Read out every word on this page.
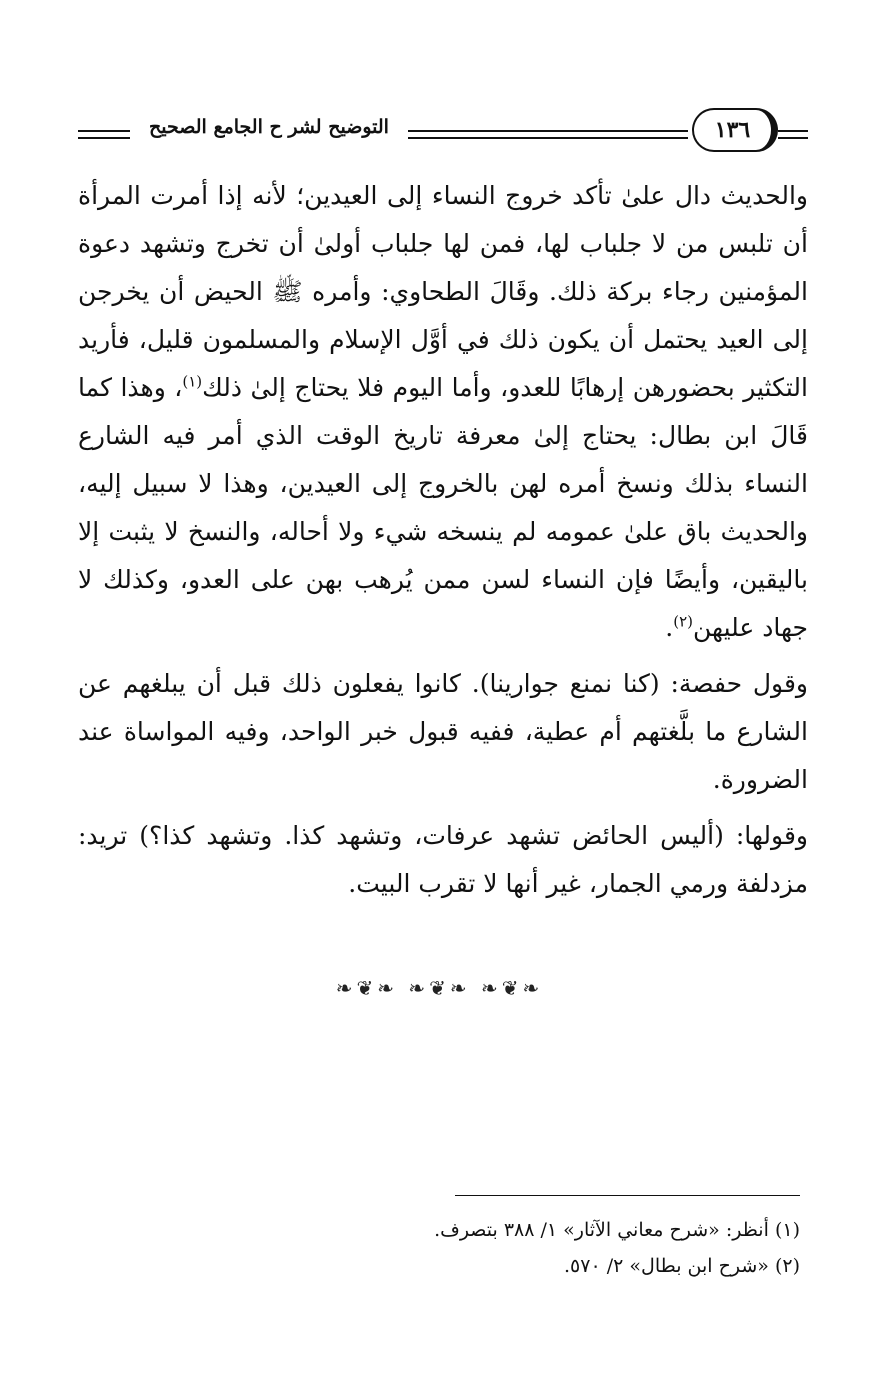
التوضيح لشر ح الجامع الصحيح	١٣٦

والحديث دال علىٰ تأكد خروج النساء إلى العيدين؛ لأنه إذا أمرت المرأة أن تلبس من لا جلباب لها، فمن لها جلباب أولىٰ أن تخرج وتشهد دعوة المؤمنين رجاء بركة ذلك. وقَالَ الطحاوي: وأمره ﷺ الحيض أن يخرجن إلى العيد يحتمل أن يكون ذلك في أوَّل الإسلام والمسلمون قليل، فأريد التكثير بحضورهن إرهابًا للعدو، وأما اليوم فلا يحتاج إلىٰ ذلك$^{(١)}$، وهذا كما قَالَ ابن بطال: يحتاج إلىٰ معرفة تاريخ الوقت الذي أمر فيه الشارع النساء بذلك ونسخ أمره لهن بالخروج إلى العيدين، وهذا لا سبيل إليه، والحديث باق علىٰ عمومه لم ينسخه شيء ولا أحاله، والنسخ لا يثبت إلا باليقين، وأيضًا فإن النساء لسن ممن يُرهب بهن على العدو، وكذلك لا جهاد عليهن$^{(٢)}$.

وقول حفصة: (كنا نمنع جوارينا). كانوا يفعلون ذلك قبل أن يبلغهم عن الشارع ما بلَّغتهم أم عطية، ففيه قبول خبر الواحد، وفيه المواساة عند الضرورة.

وقولها: (أليس الحائض تشهد عرفات، وتشهد كذا. وتشهد كذا؟) تريد: مزدلفة ورمي الجمار، غير أنها لا تقرب البيت.

❧❦❧ ❧❦❧ ❧❦❧
(١) أنظر: «شرح معاني الآثار» ١/ ٣٨٨ بتصرف.
(٢) «شرح ابن بطال» ٢/ ٥٧٠.
